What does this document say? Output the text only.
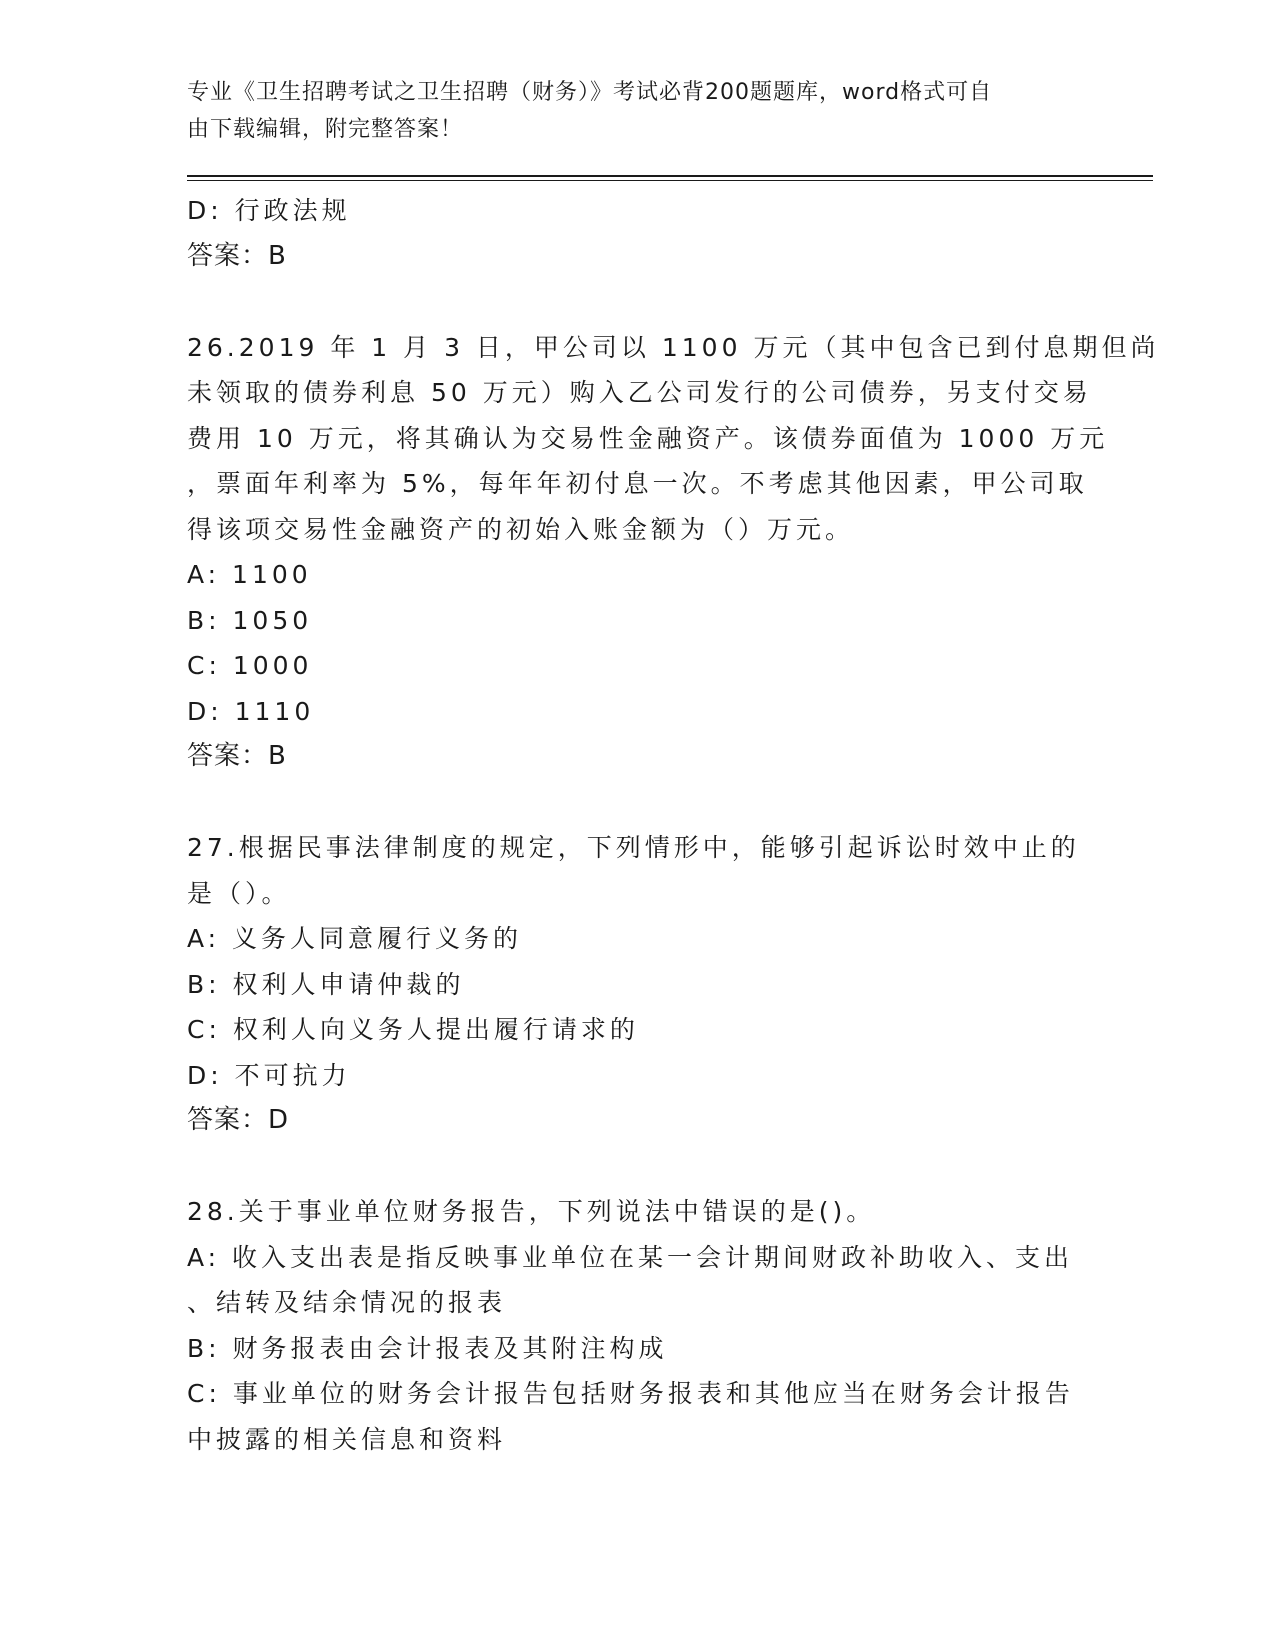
专业《卫生招聘考试之卫生招聘（财务）》考试必背200题题库，word格式可自
由下载编辑，附完整答案！
D: 行政法规
答案：B
26.2019 年 1 月 3 日，甲公司以 1100 万元（其中包含已到付息期但尚
未领取的债券利息 50 万元）购入乙公司发行的公司债券，另支付交易
费用 10 万元，将其确认为交易性金融资产。该债券面值为 1000 万元
，票面年利率为 5%，每年年初付息一次。不考虑其他因素，甲公司取
得该项交易性金融资产的初始入账金额为（）万元。
A: 1100
B: 1050
C: 1000
D: 1110
答案：B
27.根据民事法律制度的规定，下列情形中，能够引起诉讼时效中止的
是（）。
A: 义务人同意履行义务的
B: 权利人申请仲裁的
C: 权利人向义务人提出履行请求的
D: 不可抗力
答案：D
28.关于事业单位财务报告，下列说法中错误的是()。
A: 收入支出表是指反映事业单位在某一会计期间财政补助收入、支出
、结转及结余情况的报表
B: 财务报表由会计报表及其附注构成
C: 事业单位的财务会计报告包括财务报表和其他应当在财务会计报告
中披露的相关信息和资料
